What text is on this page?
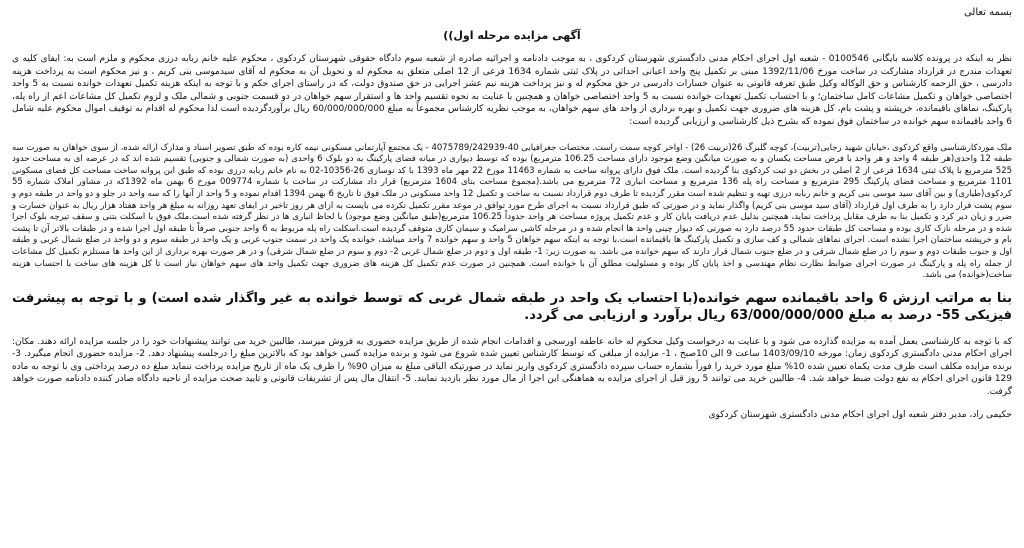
بسمه تعالی
آگهی مزایده مرحله اول))

نظر به اینکه در پرونده کلاسه بایگانی 0100546 - شعبه اول اجرای احکام مدنی دادگستری شهرستان کردکوی ، به موجب دادنامه و اجرائیه صادره از شعبه سوم دادگاه حقوقی شهرستان کردکوی ، محکوم علیه خانم ربابه درزی محکوم و ملزم است به: ایفای کلیه ی تعهدات مندرج در قرارداد مشارکت در ساخت مورخ 1392/11/06 مبنی بر تکمیل پنج واحد اعیانی احداثی در پلاک ثبتی شماره 1634 فرعی از 12 اصلی متعلق به محکوم له و تحویل آن به محکوم له آقای سیدموسی بنی کریم ، و نیز محکوم است به پرداخت هزینه دادرسی ، حق الزحمه کارشناس و حق الوکاله وکیل طبق تعرفه قانونی به عنوان خسارات دادرسی در حق محکوم له و نیز پرداخت هزینه نیم عشر اجرایی در حق صندوق دولت، که در راستای اجرای حکم و با توجه به اینکه هزینه تکمیل تعهدات خوانده نسبت به 5 واحد اختصاصی خواهان و تکمیل مشاعات کامل ساختمان؛ و با احتساب تکمیل تعهدات خوانده نسبت به 5 واحد اختصاصی خواهان و همچنین با عنایت به نحوه تقسیم واحد ها و استقرار سهم خواهان در دو قسمت جنوبی و شمالی ملک و لزوم تکمیل کل مشاعات اعم از راه پله، پارکینگ، نماهای باقیمانده، خرپشته و پشت بام، کل هزینه های ضروری جهت تکمیل و بهره برداری از واحد های سهم خواهان، به موجب نظریه کارشناس مجموعاً به مبلغ 60/000/000/000 ریال برآوردگردیده است لذا محکوم له اقدام به توقیف اموال محکوم علیه شامل 6 واحد باقیمانده سهم خوانده در ساختمان فوق نموده که بشرح ذیل کارشناسی و ارزیابی گردیده است:

ملک موردکارشناسی واقع کردکوی ،خیابان شهید رجایی(تربیت)، کوچه گلبرگ 26(تربیت 26) - اواخر کوچه سمت راست. مختصات جغرافیایی 40-4075789/242939 - یک مجتمع آپارتمانی مسکونی نیمه کاره بوده که طبق تصویر اسناد و مدارک ارائه شده، از سوی خواهان به صورت سه طبقه 12 واحدی(هر طبقه 4 واحد و هر واحد با فرض مساحت یکسان و به صورت میانگین وضع موجود دارای مساحت 106.25 مترمربع) بوده که توسط دیواری در میانه فضای پارکینگ به دو بلوک 6 واحدی (به صورت شمالی و جنوبی) تقسیم شده اند که در عرصه ای به مساحت حدود 525 مترمربع با پلاک ثبتی 1634 فرعی از 2 اصلی در بخش دو ثبت کردکوی بنا گردیده است. ملک فوق دارای پروانه ساخت به شماره 11463 مورخ 22 مهر ماه 1393 با کد نوسازی 26-10356-02 به نام خانم ربابه درزی بوده که طبق این پروانه ساخت مساحت کل فضای مسکونی 1101 مترمربع و مساحت فضای پارکینگ 295 مترمربع و مساحت راه پله 136 مترمربع و مساحت انباری 72 مترمربع می باشد.(مجموع مساحت بنای 1604 مترمربع) قرار داد مشارکت در ساخت با شماره 009774 مورخ 6 بهمن ماه 1392که در مشاور املاک شماره 55 کردکوی(طیاری) و بین آقای سید موسی بنی کریم و خانم ربابه درزی تهیه و تنظیم شده است مقرر گردیده تا طرف دوم قرارداد نسبت به ساخت و تکمیل 12 واحد مسکونی در ملک فوق تا تاریخ 6 بهمن 1394 اقدام نموده و 5 واحد از آنها را که سه واحد در جلو و دو واحد در طبقه دوم و سوم پشت قرار دارد را به طرف اول قرارداد (آقای سید موسی بنی کریم) واگذار نماید و در صورتی که طبق قرارداد نسبت به اجرای طرح مورد توافق در موعد مقرر تکمیل تکرده می بایست به ازای هر روز تاخیر در ایفای تعهد روزانه به مبلغ هر واحد هفتاد هزار ریال به عنوان خسارت و ضرر و زیان دیر کرد و تکمیل بنا به طرف مقابل پرداخت نماید، همچنین بدلیل عدم دریافت پایان کار و عدم تکمیل پروژه مساحت هر واحد حدوداً 106.25 مترمربع(طبق میانگین وضع موجود) با لحاظ انباری ها در نظر گرفته شده است.ملک فوق با اسکلت بتنی و سقف تیرچه بلوک اجرا شده و در مرحله نازک کاری بوده و مساحت کل طبقات حدود 55 درصد دارد به صورتی که دیوار چینی واحد ها انجام شده و در مرحله کاشی سرامیک و سیمان کاری متوقف گردیده است.اسکلت راه پله مربوط به 6 واحد جنوبی صرفاً تا طبقه اول اجرا شده و در طبقات بالاتر آن تا پشت بام و خرپشته ساختمان اجرا نشده است. اجرای نماهای شمالی و کف سازی و تکمیل پارکینگ ها باقیمانده است.با توجه به اینکه سهم خواهان 5 واحد و سهم خوانده 7 واحد میباشد، خوانده یک واحد در سمت جنوب غربی و یک واحد در طبقه سوم و دو واحد در ضلع شمال غربی و طبقه اول و جنوب طبقات دوم و سوم را در ضلع شمال شرقی و در ضلع جنوب شمال قرار دارند که سهم خوانده می باشد. به صورت زیر: 1- طبقه اول و دوم در ضلع شمال غربی 2- دوم و سوم در ضلع شمال شرقی) و در هر صورت بهره برداری از این واحد ها مستلزم تکمیل کل مشاعات از جمله راه پله و پارکینگ در صورت اجرای ضوابط نظارت نظام مهندسی و اخذ پایان کار بوده و مسئولیت مطلق آن با خوانده است. همچنین در صورت عدم تکمیل کل هزینه های ضروری جهت تکمیل واحد های سهم خواهان نیاز است تا کل هزینه های ساخت با احتساب هزینه ساخت(خوانده) می باشد.

بنا به مراتب ارزش 6 واحد باقیمانده سهم خوانده(با احتساب یک واحد در طبقه شمال غربی که توسط خوانده به غیر واگذار شده است) و با توجه به پیشرفت فیزیکی 55- درصد به مبلغ 63/000/000/000 ریال برآورد و ارزیابی می گردد.

که با توجه به کارشناسی بعمل آمده به مزایده گذارده می شود و با عنایت به درخواست وکیل محکوم له خانه عاطفه اورسجی و اقدامات انجام شده از طریق مزایده حضوری به فروش میرسد، طالبین خرید می توانند پیشنهادات خود را در جلسه مزایده ارائه دهند. مکان: اجرای احکام مدنی دادگستری کردکوی زمان: مورخه 1403/09/10 ساعت 9 الی 10صبح ، 1- مزایده از مبلغی که توسط کارشناس تعیین شده شروع می شود و برنده مزایده کسی خواهد بود که بالاترین مبلغ را درجلسه پیشنهاد دهد. 2- مزایده حضوری انجام میگیرد. 3- برنده مزایده مکلف است ظرف مدت یکماه تعیین شده 10% مبلغ مورد خرید را فوراً بشماره حساب سپرده دادگستری کردکوی واریز نماید در صورتیکه الباقی مبلغ به میزان 90% را ظرف یک ماه از تاریخ مزایده پرداخت ننماید مبلغ ده درصد پرداختی وی با توجه به ماده 129 قانون اجرای احکام به نفع دولت ضبط خواهد شد. 4- طالبین خرید می توانند 5 روز قبل از اجرای مزایده به هماهنگی این اجرا از مال مورد نظر بازدید نمایند. 5- انتقال مال پس از تشریفات قانونی و تایید صحت مزایده از ناحیه دادگاه صادر کننده دادنامه صورت خواهد گرفت.

حکیمی راد، مدیر دفتر شعبه اول اجرای احکام مدنی دادگستری شهرستان کردکوی
